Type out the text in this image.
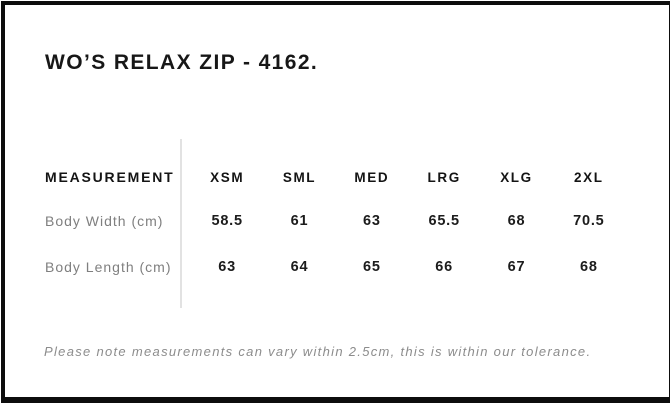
WO’S RELAX ZIP - 4162.
MEASUREMENT	XSM	SML	MED	LRG	XLG	2XL
Body Width (cm)	58.5	61	63	65.5	68	70.5
Body Length (cm)	63	64	65	66	67	68
Please note measurements can vary within 2.5cm, this is within our tolerance.
